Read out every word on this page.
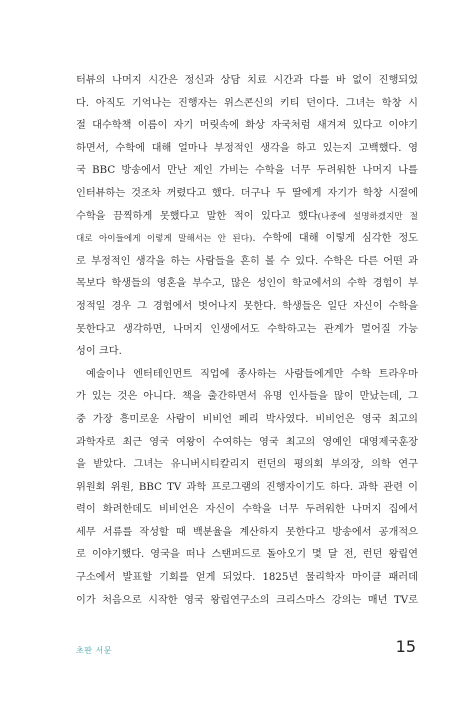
터뷰의 나머지 시간은 정신과 상담 치료 시간과 다를 바 없이 진행되었
다. 아직도 기억나는 진행자는 위스콘신의 키티 던이다. 그녀는 학창 시
절 대수학책 이름이 자기 머릿속에 화상 자국처럼 새겨져 있다고 이야기
하면서, 수학에 대해 얼마나 부정적인 생각을 하고 있는지 고백했다. 영
국 BBC 방송에서 만난 제인 가비는 수학을 너무 두려워한 나머지 나를
인터뷰하는 것조차 꺼렸다고 했다. 더구나 두 딸에게 자기가 학창 시절에
수학을 끔찍하게 못했다고 말한 적이 있다고 했다(나중에 설명하겠지만 절
대로 아이들에게 이렇게 말해서는 안 된다). 수학에 대해 이렇게 심각한 정도
로 부정적인 생각을 하는 사람들을 흔히 볼 수 있다. 수학은 다른 어떤 과
목보다 학생들의 영혼을 부수고, 많은 성인이 학교에서의 수학 경험이 부
정적일 경우 그 경험에서 벗어나지 못한다. 학생들은 일단 자신이 수학을
못한다고 생각하면, 나머지 인생에서도 수학하고는 관계가 멀어질 가능
성이 크다.
예술이나 엔터테인먼트 직업에 종사하는 사람들에게만 수학 트라우마
가 있는 것은 아니다. 책을 출간하면서 유명 인사들을 많이 만났는데, 그
중 가장 흥미로운 사람이 비비언 페리 박사였다. 비비언은 영국 최고의
과학자로 최근 영국 여왕이 수여하는 영국 최고의 영예인 대영제국훈장
을 받았다. 그녀는 유니버시티칼리지 런던의 평의회 부의장, 의학 연구
위원회 위원, BBC TV 과학 프로그램의 진행자이기도 하다. 과학 관련 이
력이 화려한데도 비비언은 자신이 수학을 너무 두려워한 나머지 집에서
세무 서류를 작성할 때 백분율을 계산하지 못한다고 방송에서 공개적으
로 이야기했다. 영국을 떠나 스탠퍼드로 돌아오기 몇 달 전, 런던 왕립연
구소에서 발표할 기회를 얻게 되었다. 1825년 물리학자 마이클 패러데
이가 처음으로 시작한 영국 왕립연구소의 크리스마스 강의는 매년 TV로
초판 서문	15
